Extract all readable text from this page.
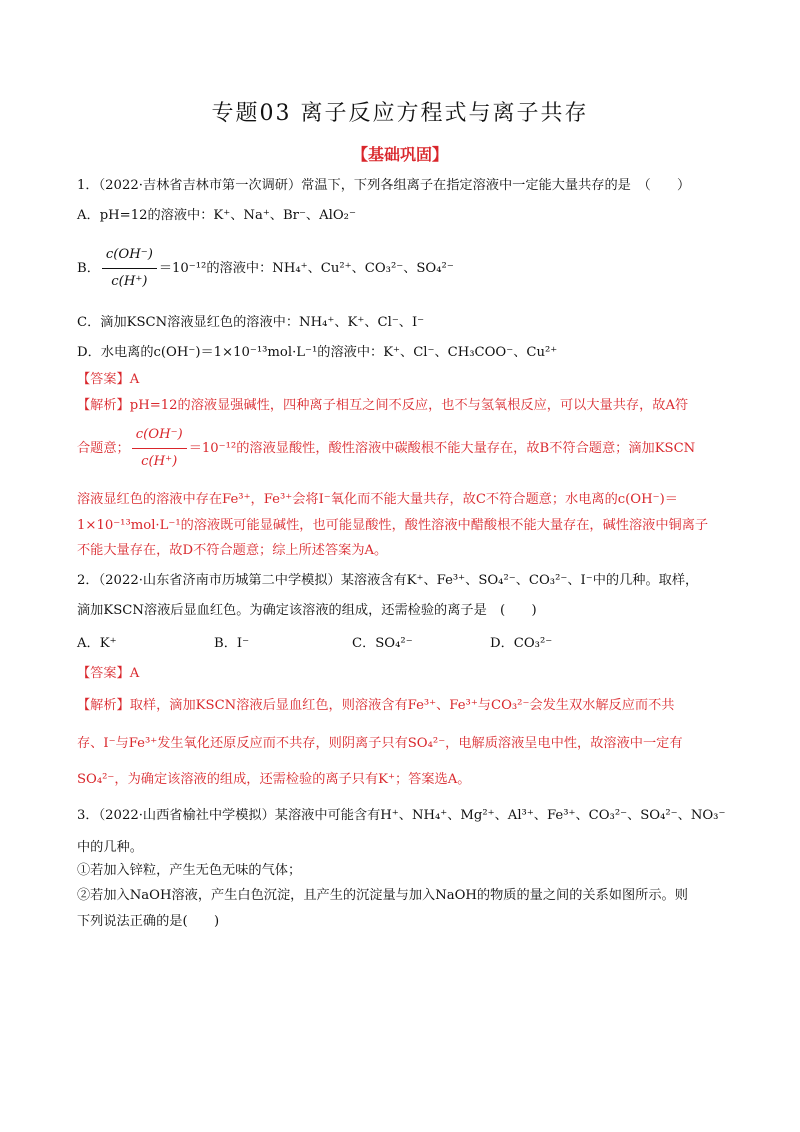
专题03 离子反应方程式与离子共存
【基础巩固】
1．（2022·吉林省吉林市第一次调研）常温下，下列各组离子在指定溶液中一定能大量共存的是　（　　）
A．pH=12的溶液中：K⁺、Na⁺、Br⁻、AlO₂⁻
B． $\frac{c(OH^-)}{c(H^+)} =10^{-12}$的溶液中：NH₄⁺、Cu²⁺、CO₃²⁻、SO₄²⁻
C．滴加KSCN溶液显红色的溶液中：NH₄⁺、K⁺、Cl⁻、I⁻
D．水电离的c(OH⁻)＝1×10⁻¹³mol·L⁻¹的溶液中：K⁺、Cl⁻、CH₃COO⁻、Cu²⁺
【答案】A
【解析】pH=12的溶液显强碱性，四种离子相互之间不反应，也不与氢氧根反应，可以大量共存，故A符
合题意； $\frac{c(OH^-)}{c(H^+)} =10^{-12}$的溶液显酸性，酸性溶液中碳酸根不能大量存在，故B不符合题意；滴加KSCN
溶液显红色的溶液中存在Fe³⁺，Fe³⁺会将I⁻氧化而不能大量共存，故C不符合题意；水电离的c(OH⁻)＝
1×10⁻¹³mol·L⁻¹的溶液既可能显碱性，也可能显酸性，酸性溶液中醋酸根不能大量存在，碱性溶液中铜离子
不能大量存在，故D不符合题意；综上所述答案为A。
2．（2022·山东省济南市历城第二中学模拟）某溶液含有K⁺、Fe³⁺、SO₄²⁻、CO₃²⁻、I⁻中的几种。取样，
滴加KSCN溶液后显血红色。为确定该溶液的组成，还需检验的离子是　(　　)
A．K⁺	B．I⁻	C．SO₄²⁻	D．CO₃²⁻
【答案】A
【解析】取样，滴加KSCN溶液后显血红色，则溶液含有Fe³⁺、Fe³⁺与CO₃²⁻会发生双水解反应而不共
存、I⁻与Fe³⁺发生氧化还原反应而不共存，则阴离子只有SO₄²⁻，电解质溶液呈电中性，故溶液中一定有
SO₄²⁻，为确定该溶液的组成，还需检验的离子只有K⁺；答案选A。
3．（2022·山西省榆社中学模拟）某溶液中可能含有H⁺、NH₄⁺、Mg²⁺、Al³⁺、Fe³⁺、CO₃²⁻、SO₄²⁻、NO₃⁻
中的几种。
①若加入锌粒，产生无色无味的气体；
②若加入NaOH溶液，产生白色沉淀，且产生的沉淀量与加入NaOH的物质的量之间的关系如图所示。则
下列说法正确的是(　　)
